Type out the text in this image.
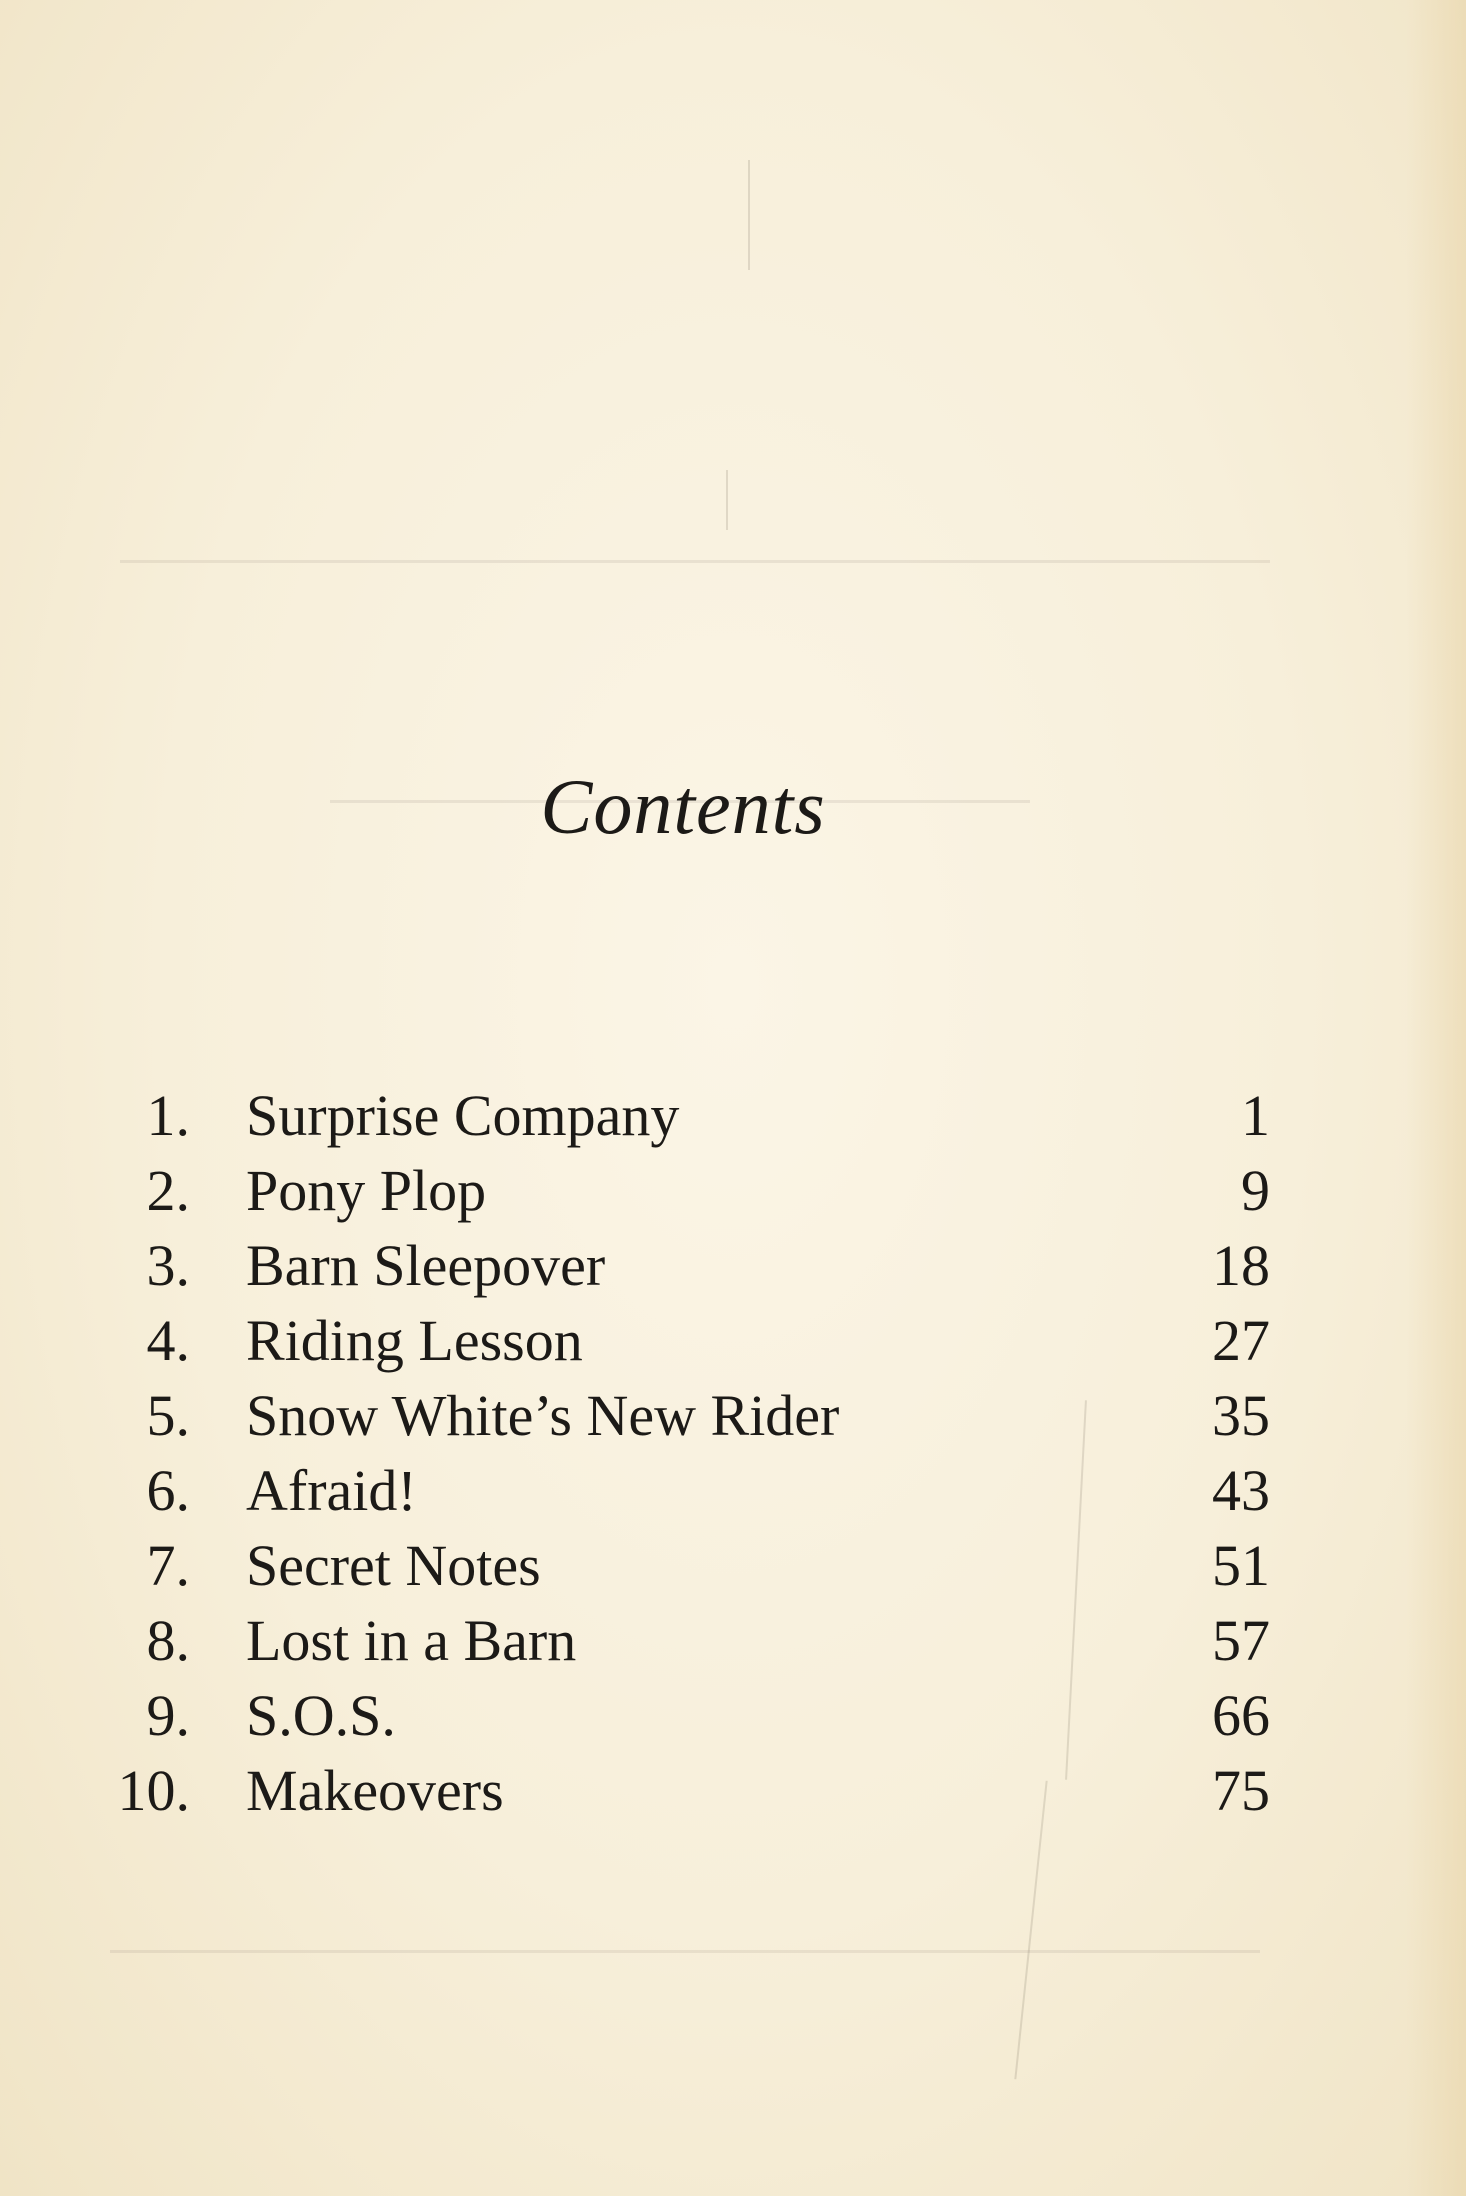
Contents
1. Surprise Company	1
2. Pony Plop	9
3. Barn Sleepover	18
4. Riding Lesson	27
5. Snow White’s New Rider	35
6. Afraid!	43
7. Secret Notes	51
8. Lost in a Barn	57
9. S.O.S.	66
10. Makeovers	75
